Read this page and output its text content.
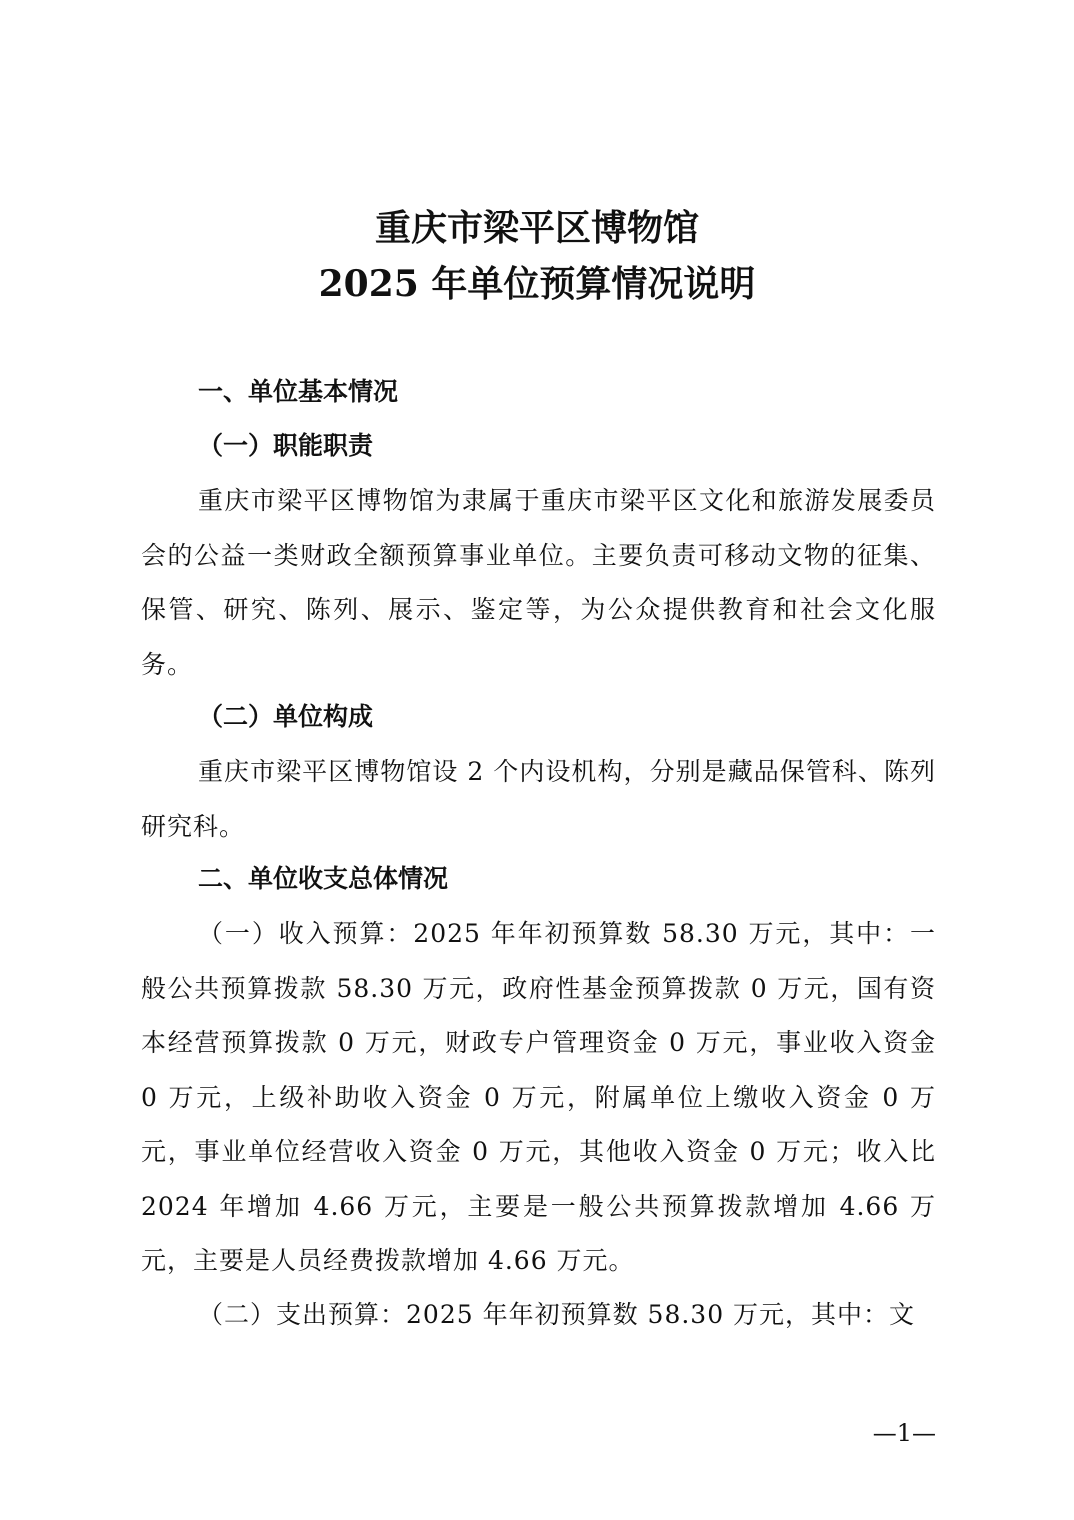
重庆市梁平区博物馆
2025 年单位预算情况说明
一、单位基本情况
（一）职能职责

重庆市梁平区博物馆为隶属于重庆市梁平区文化和旅游发展委员会的公益一类财政全额预算事业单位。主要负责可移动文物的征集、保管、研究、陈列、展示、鉴定等，为公众提供教育和社会文化服务。

（二）单位构成

重庆市梁平区博物馆设 2 个内设机构，分别是藏品保管科、陈列研究科。

二、单位收支总体情况

（一）收入预算：2025 年年初预算数 58.30 万元，其中：一般公共预算拨款 58.30 万元，政府性基金预算拨款 0 万元，国有资本经营预算拨款 0 万元，财政专户管理资金 0 万元，事业收入资金 0 万元，上级补助收入资金 0 万元，附属单位上缴收入资金 0 万元，事业单位经营收入资金 0 万元，其他收入资金 0 万元；收入比 2024 年增加 4.66 万元，主要是一般公共预算拨款增加 4.66 万元，主要是人员经费拨款增加 4.66 万元。

（二）支出预算：2025 年年初预算数 58.30 万元，其中：文

—1—
